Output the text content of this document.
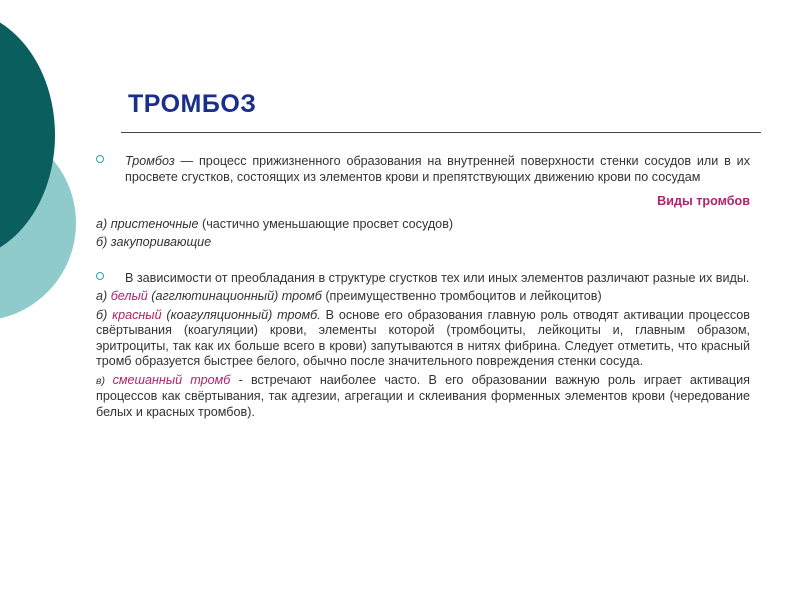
ТРОМБОЗ

Тромбоз — процесс прижизненного образования на внутренней поверхности стенки сосудов или в их просвете сгустков, состоящих из элементов крови и препятствующих движению крови по сосудам

Виды тромбов

а) пристеночные (частично уменьшающие просвет сосудов)

б) закупоривающие

В зависимости от преобладания в структуре сгустков тех или иных элементов различают разные их виды.

а) белый (агглютинационный) тромб (преимущественно тромбоцитов и лейкоцитов)

б) красный (коагуляционный) тромб. В основе его образования главную роль отводят активации процессов свёртывания (коагуляции) крови, элементы которой (тромбоциты, лейкоциты и, главным образом, эритроциты, так как их больше всего в крови) запутываются в нитях фибрина. Следует отметить, что красный тромб образуется быстрее белого, обычно после значительного повреждения стенки сосуда.

в) смешанный тромб - встречают наиболее часто. В его образовании важную роль играет активация процессов как свёртывания, так адгезии, агрегации и склеивания форменных элементов крови (чередование белых и красных тромбов).
